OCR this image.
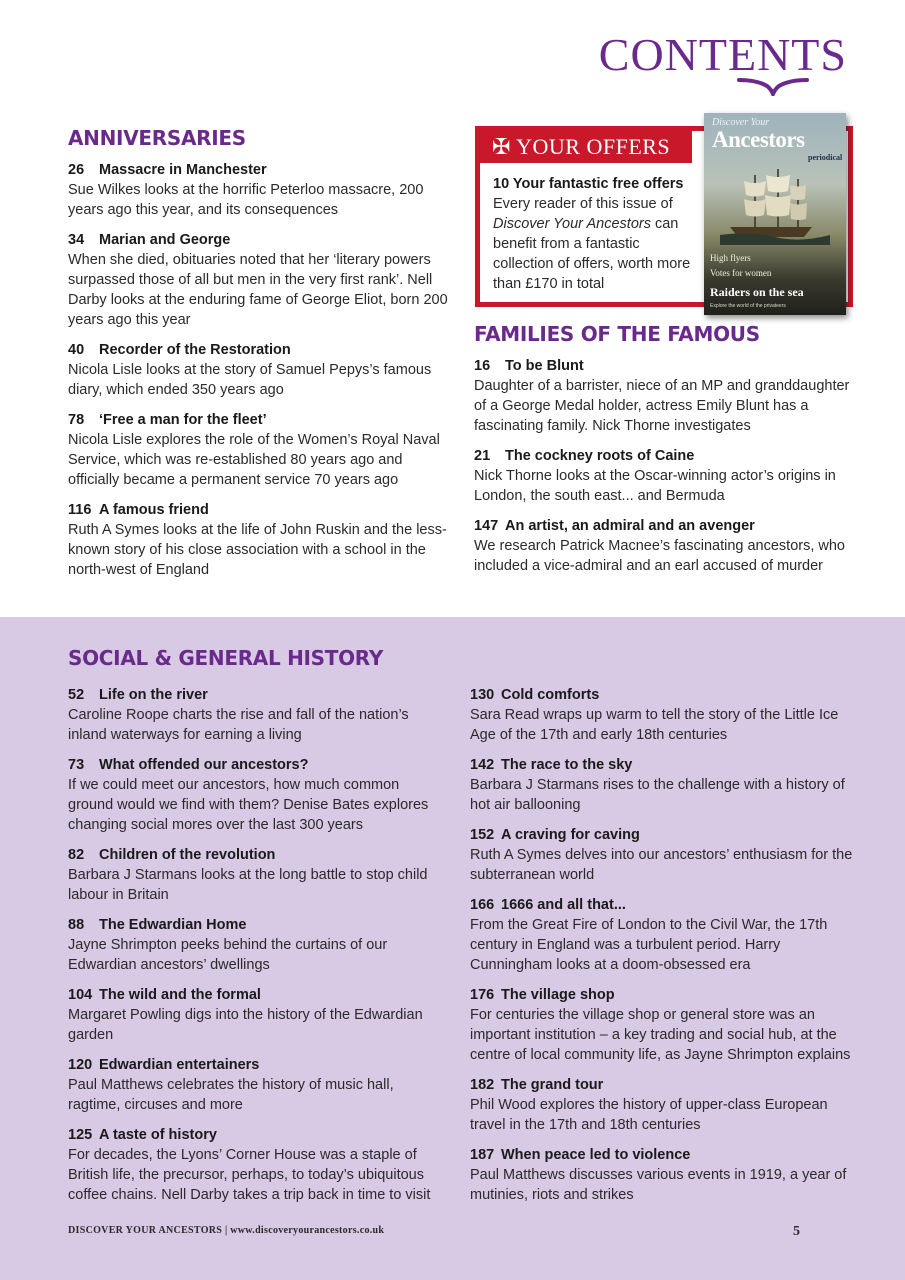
CONTENTS
ANNIVERSARIES
26 Massacre in Manchester
Sue Wilkes looks at the horrific Peterloo massacre, 200 years ago this year, and its consequences
34 Marian and George
When she died, obituaries noted that her ‘literary powers surpassed those of all but men in the very first rank’. Nell Darby looks at the enduring fame of George Eliot, born 200 years ago this year
40 Recorder of the Restoration
Nicola Lisle looks at the story of Samuel Pepys’s famous diary, which ended 350 years ago
78 ‘Free a man for the fleet’
Nicola Lisle explores the role of the Women’s Royal Naval Service, which was re-established 80 years ago and officially became a permanent service 70 years ago
116 A famous friend
Ruth A Symes looks at the life of John Ruskin and the less-known story of his close association with a school in the north-west of England
✠ YOUR OFFERS
10 Your fantastic free offers
Every reader of this issue of Discover Your Ancestors can benefit from a fantastic collection of offers, worth more than £170 in total
Discover Your
Ancestors
periodical
High flyers
Votes for women
Raiders on the sea
Explore the world of the privateers
FAMILIES OF THE FAMOUS
16 To be Blunt
Daughter of a barrister, niece of an MP and granddaughter of a George Medal holder, actress Emily Blunt has a fascinating family. Nick Thorne investigates
21 The cockney roots of Caine
Nick Thorne looks at the Oscar-winning actor’s origins in London, the south east... and Bermuda
147 An artist, an admiral and an avenger
We research Patrick Macnee’s fascinating ancestors, who included a vice-admiral and an earl accused of murder
SOCIAL & GENERAL HISTORY
52 Life on the river
Caroline Roope charts the rise and fall of the nation’s inland waterways for earning a living
73 What offended our ancestors?
If we could meet our ancestors, how much common ground would we find with them? Denise Bates explores changing social mores over the last 300 years
82 Children of the revolution
Barbara J Starmans looks at the long battle to stop child labour in Britain
88 The Edwardian Home
Jayne Shrimpton peeks behind the curtains of our Edwardian ancestors’ dwellings
104 The wild and the formal
Margaret Powling digs into the history of the Edwardian garden
120 Edwardian entertainers
Paul Matthews celebrates the history of music hall, ragtime, circuses and more
125 A taste of history
For decades, the Lyons’ Corner House was a staple of British life, the precursor, perhaps, to today’s ubiquitous coffee chains. Nell Darby takes a trip back in time to visit
130 Cold comforts
Sara Read wraps up warm to tell the story of the Little Ice Age of the 17th and early 18th centuries
142 The race to the sky
Barbara J Starmans rises to the challenge with a history of hot air ballooning
152 A craving for caving
Ruth A Symes delves into our ancestors’ enthusiasm for the subterranean world
166 1666 and all that...
From the Great Fire of London to the Civil War, the 17th century in England was a turbulent period. Harry Cunningham looks at a doom-obsessed era
176 The village shop
For centuries the village shop or general store was an important institution – a key trading and social hub, at the centre of local community life, as Jayne Shrimpton explains
182 The grand tour
Phil Wood explores the history of upper-class European travel in the 17th and 18th centuries
187 When peace led to violence
Paul Matthews discusses various events in 1919, a year of mutinies, riots and strikes
DISCOVER YOUR ANCESTORS | www.discoveryourancestors.co.uk	5
